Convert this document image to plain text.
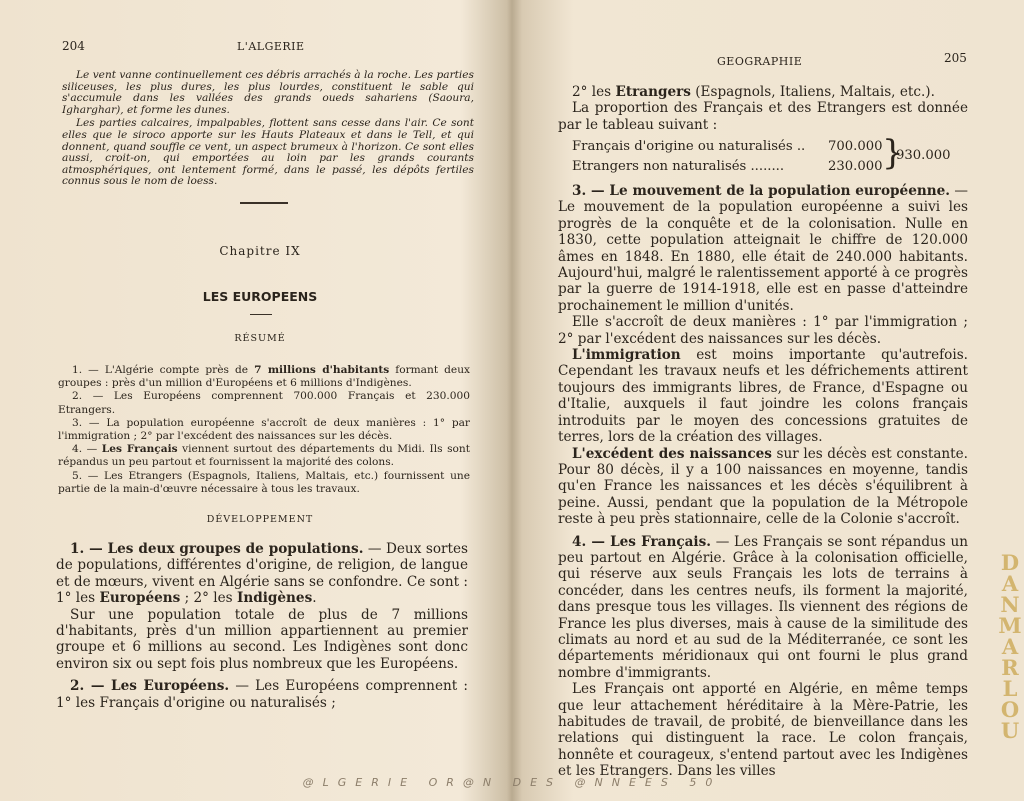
204	L'ALGERIE

Le vent vanne continuellement ces débris arrachés à la roche. Les parties siliceuses, les plus dures, les plus lourdes, constituent le sable qui s'accumule dans les vallées des grands oueds sahariens (Saoura, Igharghar), et forme les dunes.

Les parties calcaires, impalpables, flottent sans cesse dans l'air. Ce sont elles que le siroco apporte sur les Hauts Plateaux et dans le Tell, et qui donnent, quand souffle ce vent, un aspect brumeux à l'horizon. Ce sont elles aussi, croit-on, qui emportées au loin par les grands courants atmosphériques, ont lentement formé, dans le passé, les dépôts fertiles connus sous le nom de loess.

Chapitre IX
LES EUROPEENS
RÉSUMÉ

1. — L'Algérie compte près de 7 millions d'habitants formant deux groupes : près d'un million d'Européens et 6 millions d'Indigènes.

2. — Les Européens comprennent 700.000 Français et 230.000 Etrangers.

3. — La population européenne s'accroît de deux manières : 1° par l'immigration ; 2° par l'excédent des naissances sur les décès.

4. — Les Français viennent surtout des départements du Midi. Ils sont répandus un peu partout et fournissent la majorité des colons.

5. — Les Etrangers (Espagnols, Italiens, Maltais, etc.) fournissent une partie de la main-d'œuvre nécessaire à tous les travaux.

DÉVELOPPEMENT

1. — Les deux groupes de populations. — Deux sortes de populations, différentes d'origine, de religion, de langue et de mœurs, vivent en Algérie sans se confondre. Ce sont : 1° les Européens ; 2° les Indigènes.

Sur une population totale de plus de 7 millions d'habitants, près d'un million appartiennent au premier groupe et 6 millions au second. Les Indigènes sont donc environ six ou sept fois plus nombreux que les Européens.

2. — Les Européens. — Les Européens comprennent : 1° les Français d'origine ou naturalisés ;

GEOGRAPHIE	205

2° les Etrangers (Espagnols, Italiens, Maltais, etc.).

La proportion des Français et des Etrangers est donnée par le tableau suivant :

Français d'origine ou naturalisés .. 700.000
Etrangers non naturalisés ........	230.000 }
930.000

3. — Le mouvement de la population européenne. — Le mouvement de la population européenne a suivi les progrès de la conquête et de la colonisation. Nulle en 1830, cette population atteignait le chiffre de 120.000 âmes en 1848. En 1880, elle était de 240.000 habitants. Aujourd'hui, malgré le ralentissement apporté à ce progrès par la guerre de 1914-1918, elle est en passe d'atteindre prochainement le million d'unités.

Elle s'accroît de deux manières : 1° par l'immigration ; 2° par l'excédent des naissances sur les décès.

L'immigration est moins importante qu'autrefois. Cependant les travaux neufs et les défrichements attirent toujours des immigrants libres, de France, d'Espagne ou d'Italie, auxquels il faut joindre les colons français introduits par le moyen des concessions gratuites de terres, lors de la création des villages.

L'excédent des naissances sur les décès est constante. Pour 80 décès, il y a 100 naissances en moyenne, tandis qu'en France les naissances et les décès s'équilibrent à peine. Aussi, pendant que la population de la Métropole reste à peu près stationnaire, celle de la Colonie s'accroît.

4. — Les Français. — Les Français se sont répandus un peu partout en Algérie. Grâce à la colonisation officielle, qui réserve aux seuls Français les lots de terrains à concéder, dans les centres neufs, ils forment la majorité, dans presque tous les villages. Ils viennent des régions de France les plus diverses, mais à cause de la similitude des climats au nord et au sud de la Méditerranée, ce sont les départements méridionaux qui ont fourni le plus grand nombre d'immigrants.

Les Français ont apporté en Algérie, en même temps que leur attachement héréditaire à la Mère-Patrie, les habitudes de travail, de probité, de bienveillance dans les relations qui distinguent la race. Le colon français, honnête et courageux, s'entend partout avec les Indigènes et les Etrangers. Dans les villes

@LGERIE OR@N DES @NNEES 50
DANMARLOU
